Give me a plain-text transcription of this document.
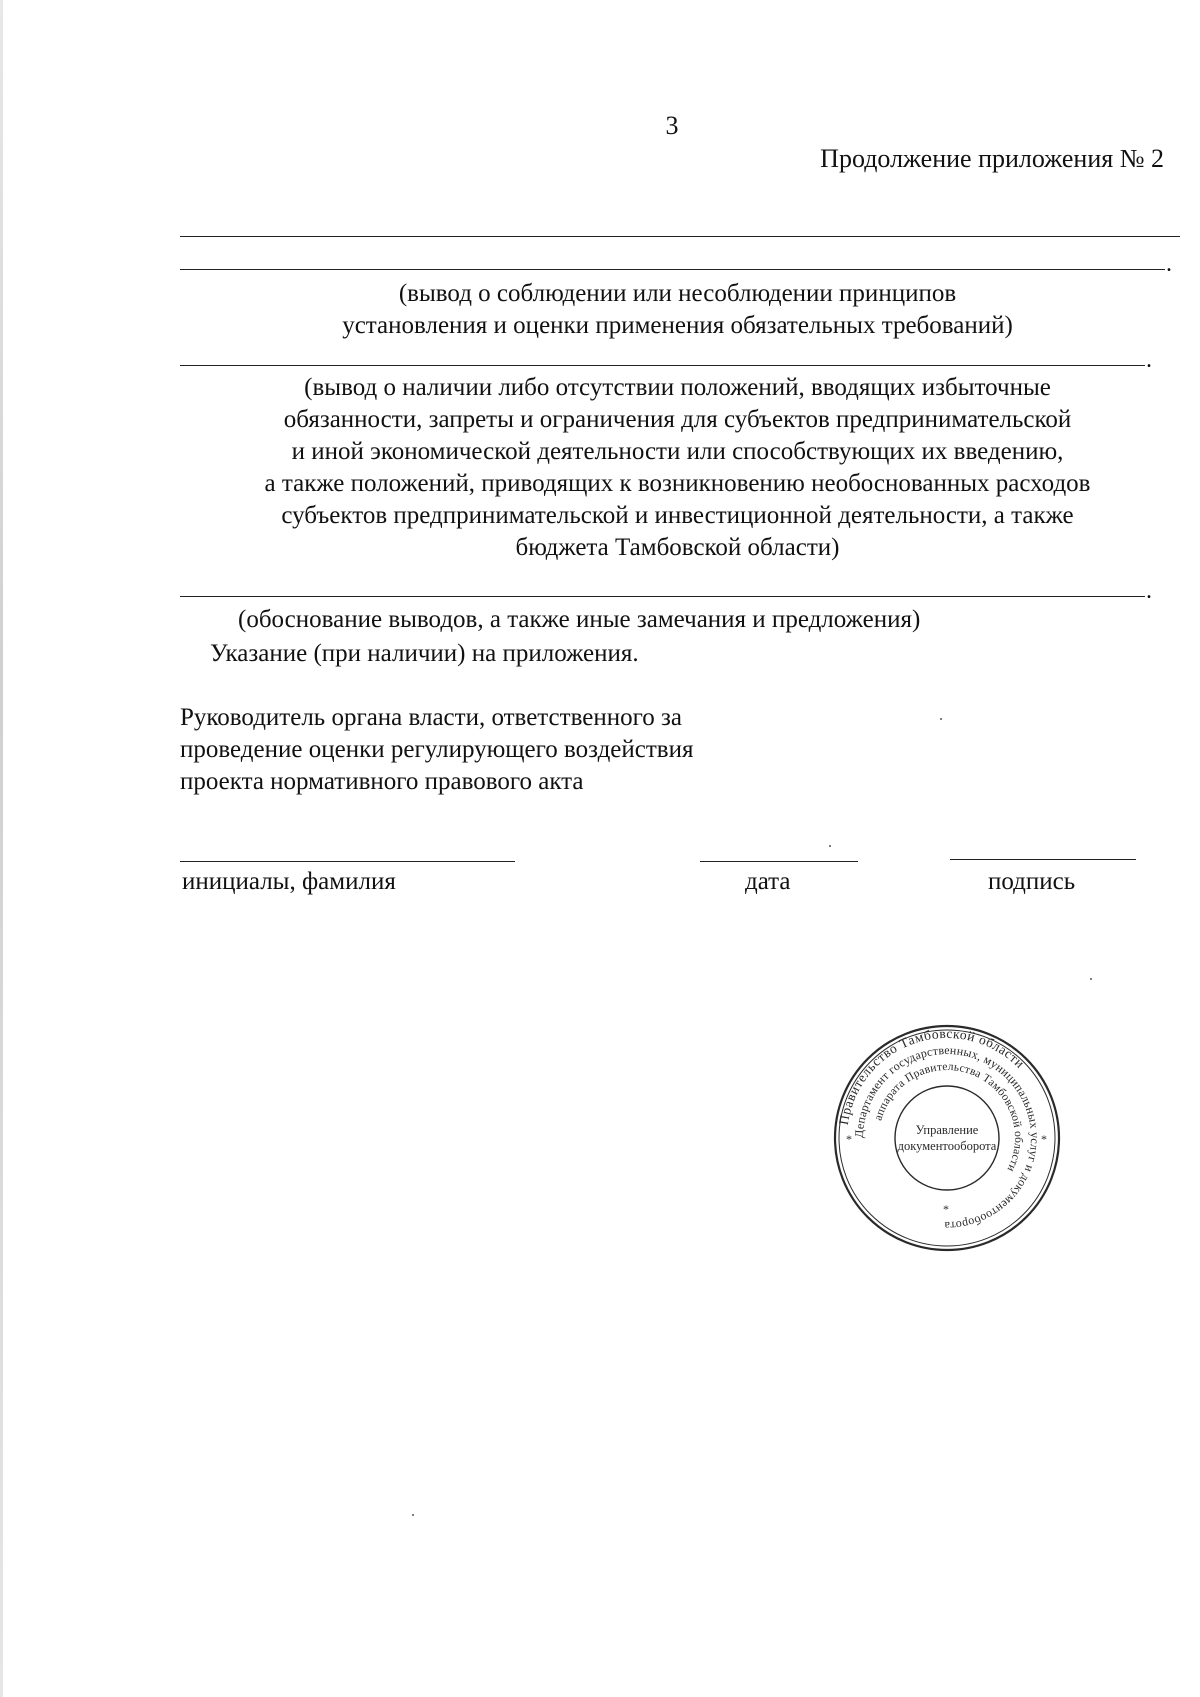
3
Продолжение приложения № 2
.
(вывод о соблюдении или несоблюдении принципов
установления и оценки применения обязательных требований)
.
(вывод о наличии либо отсутствии положений, вводящих избыточные
обязанности, запреты и ограничения для субъектов предпринимательской
и иной экономической деятельности или способствующих их введению,
а также положений, приводящих к возникновению необоснованных расходов
субъектов предпринимательской и инвестиционной деятельности, а также
бюджета Тамбовской области)
.
(обоснование выводов, а также иные замечания и предложения)
Указание (при наличии) на приложения.
Руководитель органа власти, ответственного за
проведение оценки регулирующего воздействия
проекта нормативного правового акта
инициалы, фамилия	дата	подпись
Правительство Тамбовской области
Департамент государственных, муниципальных услуг и документооборота
аппарата Правительства Тамбовской области
Управление
документооборота
*	*
*
